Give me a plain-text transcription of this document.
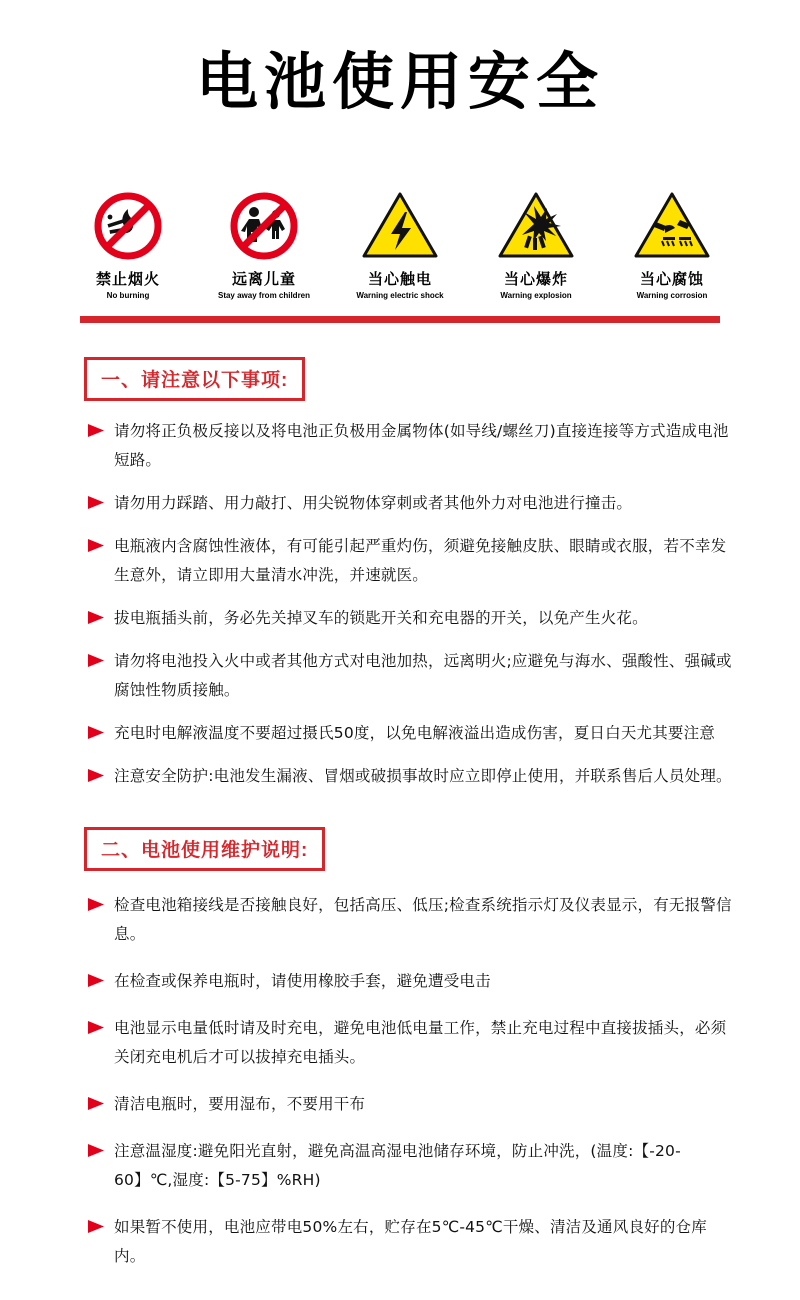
电池使用安全
禁止烟火
No burning
远离儿童
Stay away from children
当心触电
Warning electric shock
当心爆炸
Warning explosion
当心腐蚀
Warning corrosion
一、请注意以下事项:
请勿将正负极反接以及将电池正负极用金属物体(如导线/螺丝刀)直接连接等方式造成电池短路。
请勿用力踩踏、用力敲打、用尖锐物体穿刺或者其他外力对电池进行撞击。
电瓶液内含腐蚀性液体，有可能引起严重灼伤，须避免接触皮肤、眼睛或衣服，若不幸发生意外，请立即用大量清水冲洗，并速就医。
拔电瓶插头前，务必先关掉叉车的锁匙开关和充电器的开关，以免产生火花。
请勿将电池投入火中或者其他方式对电池加热，远离明火;应避免与海水、强酸性、强碱或腐蚀性物质接触。
充电时电解液温度不要超过摄氏50度，以免电解液溢出造成伤害，夏日白天尤其要注意
注意安全防护:电池发生漏液、冒烟或破损事故时应立即停止使用，并联系售后人员处理。
二、电池使用维护说明:
检查电池箱接线是否接触良好，包括高压、低压;检查系统指示灯及仪表显示，有无报警信息。
在检查或保养电瓶时，请使用橡胶手套，避免遭受电击
电池显示电量低时请及时充电，避免电池低电量工作，禁止充电过程中直接拔插头，必须关闭充电机后才可以拔掉充电插头。
清洁电瓶时，要用湿布，不要用干布
注意温湿度:避免阳光直射，避免高温高湿电池储存环境，防止冲洗，(温度:【-20-60】℃,湿度:【5-75】%RH)
如果暂不使用，电池应带电50%左右，贮存在5℃-45℃干燥、清洁及通风良好的仓库内。
